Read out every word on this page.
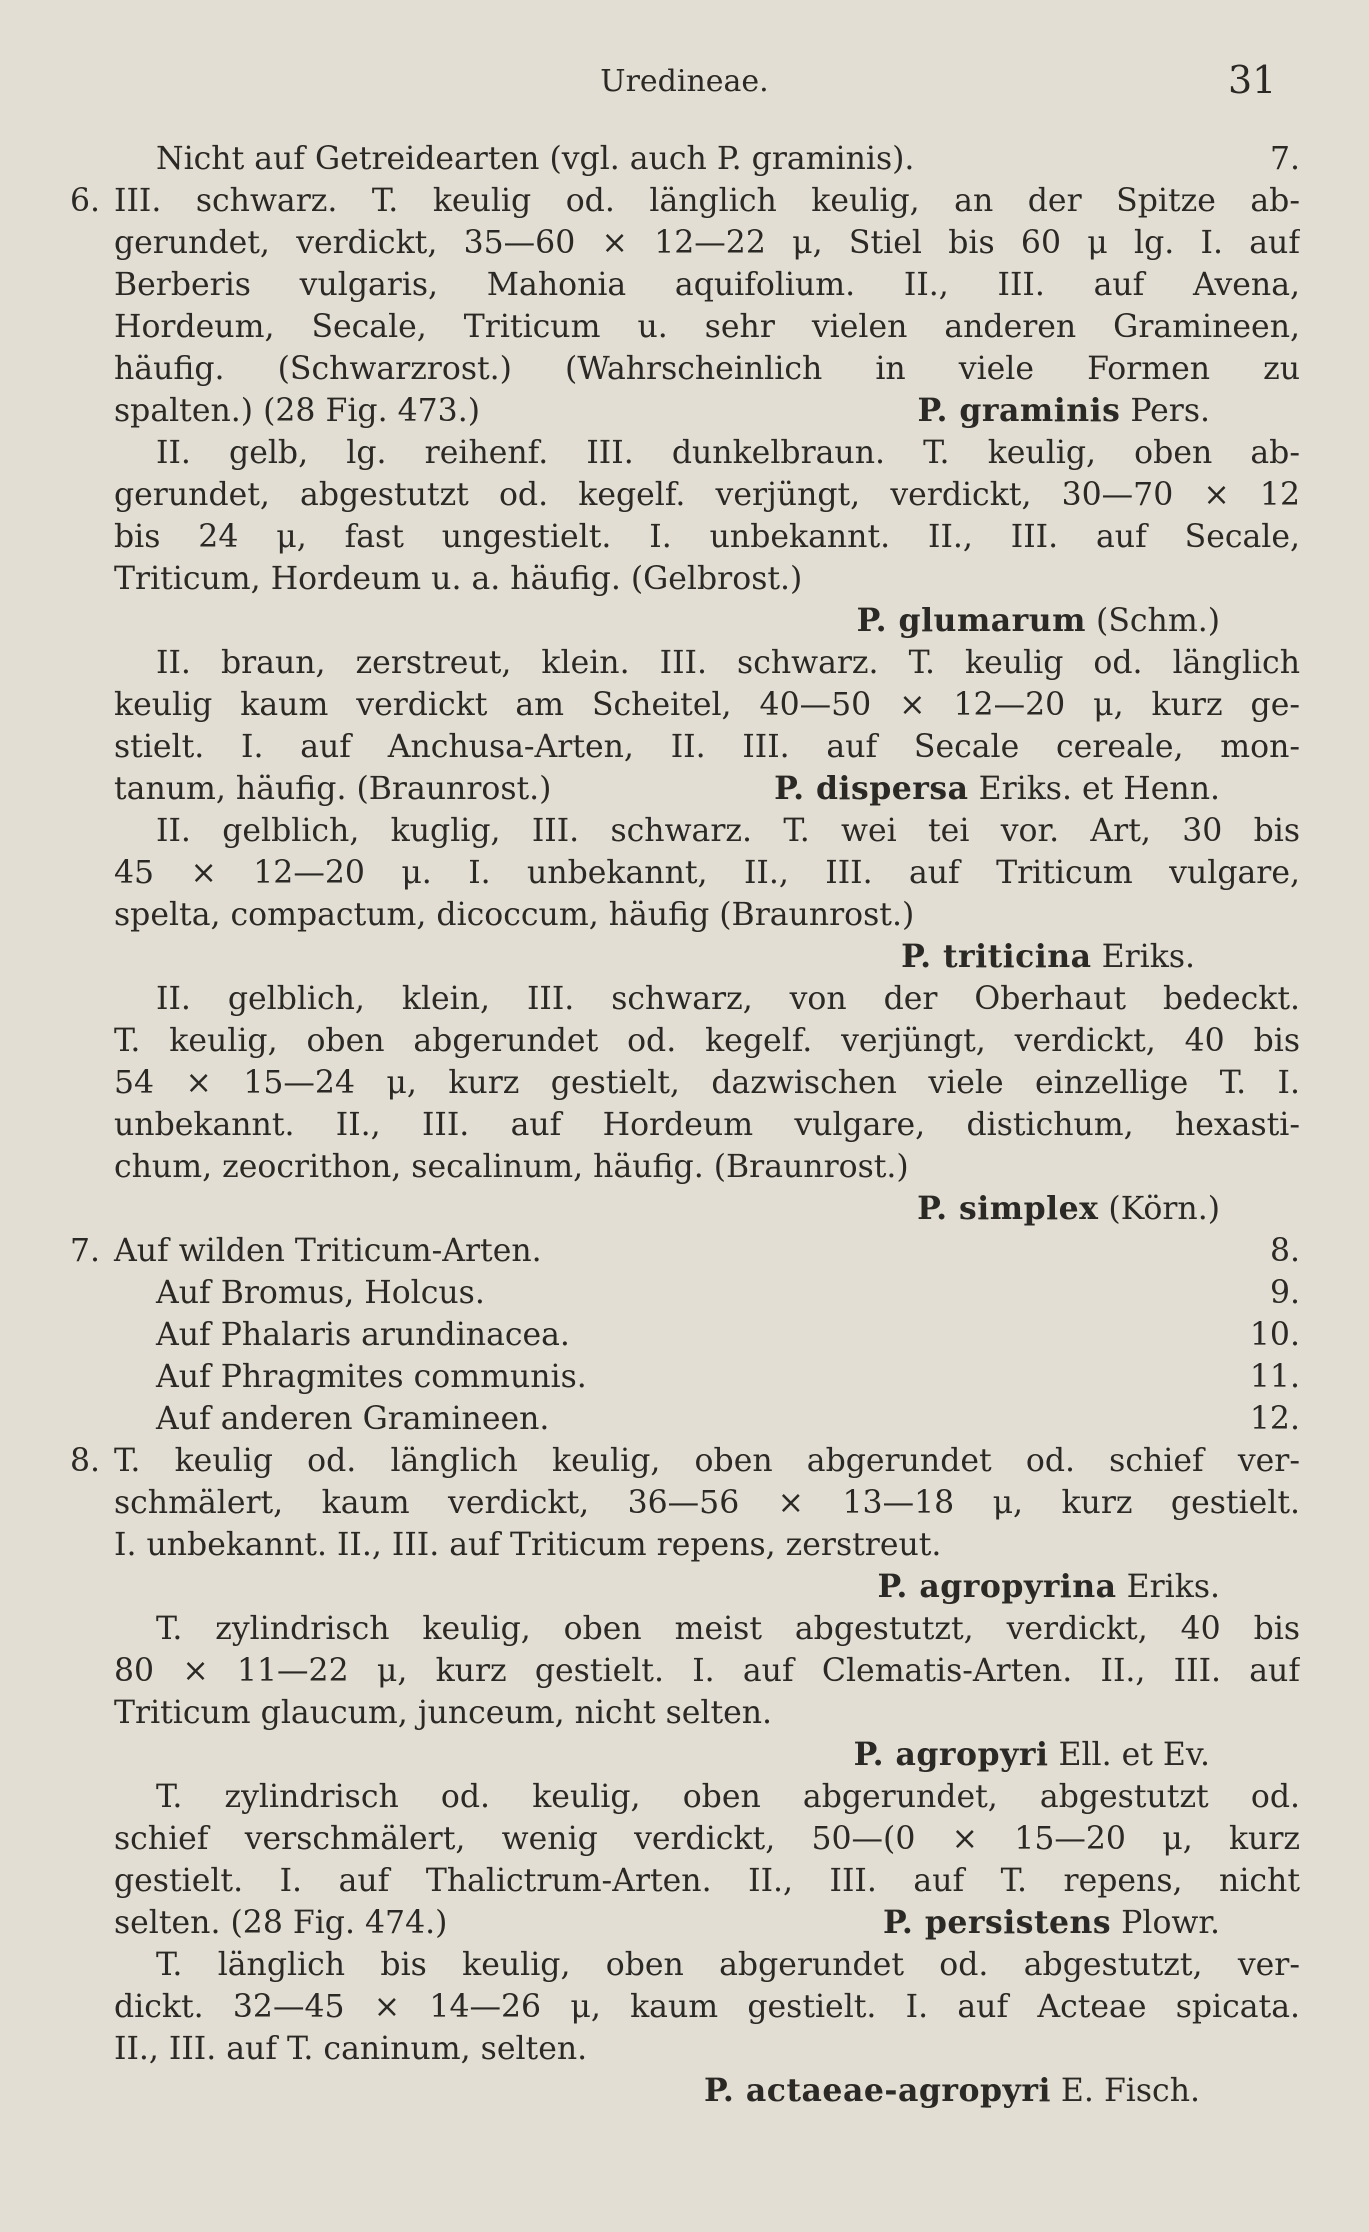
Uredineae.	31
Nicht auf Getreidearten (vgl. auch P. graminis).	7.
6. III. schwarz. T. keulig od. länglich keulig, an der Spitze ab-
gerundet, verdickt, 35—60 × 12—22 μ, Stiel bis 60 μ lg. I. auf
Berberis vulgaris, Mahonia aquifolium. II., III. auf Avena,
Hordeum, Secale, Triticum u. sehr vielen anderen Gramineen,
häufig. (Schwarzrost.) (Wahrscheinlich in viele Formen zu
spalten.) (28 Fig. 473.)	P. graminis Pers.
II. gelb, lg. reihenf. III. dunkelbraun. T. keulig, oben ab-
gerundet, abgestutzt od. kegelf. verjüngt, verdickt, 30—70 × 12
bis 24 μ, fast ungestielt. I. unbekannt. II., III. auf Secale,
Triticum, Hordeum u. a. häufig. (Gelbrost.)
P. glumarum (Schm.)
II. braun, zerstreut, klein. III. schwarz. T. keulig od. länglich
keulig kaum verdickt am Scheitel, 40—50 × 12—20 μ, kurz ge-
stielt. I. auf Anchusa-Arten, II. III. auf Secale cereale, mon-
tanum, häufig. (Braunrost.)	P. dispersa Eriks. et Henn.
II. gelblich, kuglig, III. schwarz. T. wei tei vor. Art, 30 bis
45 × 12—20 μ. I. unbekannt, II., III. auf Triticum vulgare,
spelta, compactum, dicoccum, häufig (Braunrost.)
P. triticina Eriks.
II. gelblich, klein, III. schwarz, von der Oberhaut bedeckt.
T. keulig, oben abgerundet od. kegelf. verjüngt, verdickt, 40 bis
54 × 15—24 μ, kurz gestielt, dazwischen viele einzellige T. I.
unbekannt. II., III. auf Hordeum vulgare, distichum, hexasti-
chum, zeocrithon, secalinum, häufig. (Braunrost.)
P. simplex (Körn.)
7. Auf wilden Triticum-Arten.	8.
Auf Bromus, Holcus.	9.
Auf Phalaris arundinacea.	10.
Auf Phragmites communis.	11.
Auf anderen Gramineen.	12.
8. T. keulig od. länglich keulig, oben abgerundet od. schief ver-
schmälert, kaum verdickt, 36—56 × 13—18 μ, kurz gestielt.
I. unbekannt. II., III. auf Triticum repens, zerstreut.
P. agropyrina Eriks.
T. zylindrisch keulig, oben meist abgestutzt, verdickt, 40 bis
80 × 11—22 μ, kurz gestielt. I. auf Clematis-Arten. II., III. auf
Triticum glaucum, junceum, nicht selten.
P. agropyri Ell. et Ev.
T. zylindrisch od. keulig, oben abgerundet, abgestutzt od.
schief verschmälert, wenig verdickt, 50—(0 × 15—20 μ, kurz
gestielt. I. auf Thalictrum-Arten. II., III. auf T. repens, nicht
selten. (28 Fig. 474.)	P. persistens Plowr.
T. länglich bis keulig, oben abgerundet od. abgestutzt, ver-
dickt. 32—45 × 14—26 μ, kaum gestielt. I. auf Acteae spicata.
II., III. auf T. caninum, selten.
P. actaeae-agropyri E. Fisch.
